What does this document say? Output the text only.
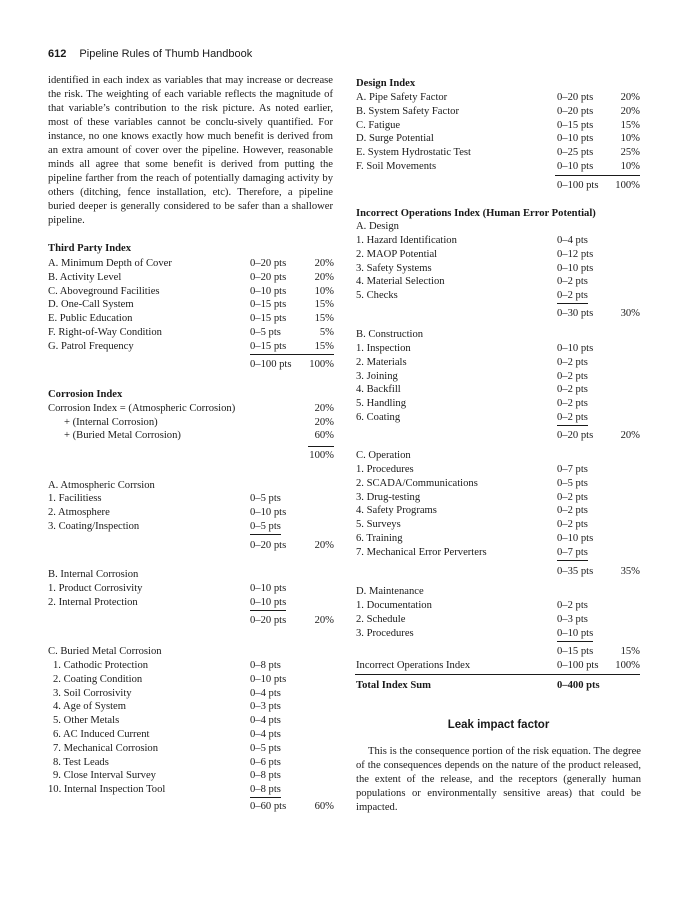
612 Pipeline Rules of Thumb Handbook
identified in each index as variables that may increase or decrease the risk. The weighting of each variable reflects the magnitude of that variable’s contribution to the risk picture. As noted earlier, most of these variables cannot be conclu-sively quantified. For instance, no one knows exactly how much benefit is derived from an extra amount of cover over the pipeline. However, reasonable minds all agree that some benefit is derived from putting the pipeline farther from the reach of potentially damaging activity by others (ditching, fence installation, etc). Therefore, a pipeline buried deeper is generally considered to be safer than a shallower pipeline.
Third Party Index
A. Minimum Depth of Cover	0–20 pts	20%
B. Activity Level	0–20 pts	20%
C. Aboveground Facilities	0–10 pts	10%
D. One-Call System	0–15 pts	15%
E. Public Education	0–15 pts	15%
F. Right-of-Way Condition	0–5 pts	5%
G. Patrol Frequency	0–15 pts	15%
0–100 pts	100%
Corrosion Index
Corrosion Index = (Atmospheric Corrosion)	20%
+ (Internal Corrosion)	20%
+ (Buried Metal Corrosion)	60%
100%
A. Atmospheric Corrsion
1. Facilitiess	0–5 pts
2. Atmosphere	0–10 pts
3. Coating/Inspection	0–5 pts
0–20 pts	20%
B. Internal Corrosion
1. Product Corrosivity	0–10 pts
2. Internal Protection	0–10 pts
0–20 pts	20%
C. Buried Metal Corrosion
1. Cathodic Protection	0–8 pts
2. Coating Condition	0–10 pts
3. Soil Corrosivity	0–4 pts
4. Age of System	0–3 pts
5. Other Metals	0–4 pts
6. AC Induced Current	0–4 pts
7. Mechanical Corrosion	0–5 pts
8. Test Leads	0–6 pts
9. Close Interval Survey	0–8 pts
10. Internal Inspection Tool	0–8 pts
0–60 pts	60%
Design Index
A. Pipe Safety Factor	0–20 pts	20%
B. System Safety Factor	0–20 pts	20%
C. Fatigue	0–15 pts	15%
D. Surge Potential	0–10 pts	10%
E. System Hydrostatic Test	0–25 pts	25%
F. Soil Movements	0–10 pts	10%
0–100 pts	100%
Incorrect Operations Index (Human Error Potential)
A. Design
1. Hazard Identification	0–4 pts
2. MAOP Potential	0–12 pts
3. Safety Systems	0–10 pts
4. Material Selection	0–2 pts
5. Checks	0–2 pts
0–30 pts	30%
B. Construction
1. Inspection	0–10 pts
2. Materials	0–2 pts
3. Joining	0–2 pts
4. Backfill	0–2 pts
5. Handling	0–2 pts
6. Coating	0–2 pts
0–20 pts	20%
C. Operation
1. Procedures	0–7 pts
2. SCADA/Communications	0–5 pts
3. Drug-testing	0–2 pts
4. Safety Programs	0–2 pts
5. Surveys	0–2 pts
6. Training	0–10 pts
7. Mechanical Error Perverters	0–7 pts
0–35 pts	35%
D. Maintenance
1. Documentation	0–2 pts
2. Schedule	0–3 pts
3. Procedures	0–10 pts
0–15 pts	15%
Incorrect Operations Index	0–100 pts	100%
Total Index Sum	0–400 pts
Leak impact factor
This is the consequence portion of the risk equation. The degree of the consequences depends on the nature of the product released, the extent of the release, and the receptors (generally human populations or environmentally sensitive areas) that could be impacted.
